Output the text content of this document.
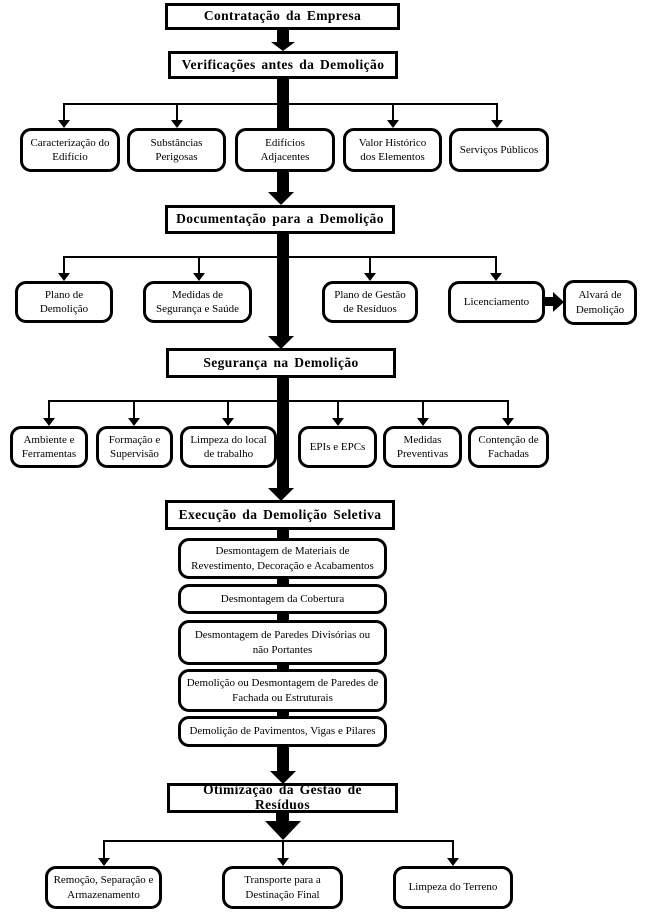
Contratação da Empresa
Verificações antes da Demolição
Documentação para a Demolição
Segurança na Demolição
Execução da Demolição Seletiva
Otimização da Gestão de Resíduos
Caracterização do Edifício
Substâncias Perigosas
Edifícios Adjacentes
Valor Histórico dos Elementos
Serviços Públicos
Plano de Demolição
Medidas de Segurança e Saúde
Plano de Gestão de Resíduos
Licenciamento
Alvará de Demolição
Ambiente e Ferramentas
Formação e Supervisão
Limpeza do local de trabalho
EPIs e EPCs
Medidas Preventivas
Contenção de Fachadas
Desmontagem de Materiais de Revestimento, Decoração e Acabamentos
Desmontagem da Cobertura
Desmontagem de Paredes Divisórias ou não Portantes
Demolição ou Desmontagem de Paredes de Fachada ou Estruturais
Demolição de Pavimentos, Vigas e Pilares
Remoção, Separação e Armazenamento
Transporte para a Destinação Final
Limpeza do Terreno
